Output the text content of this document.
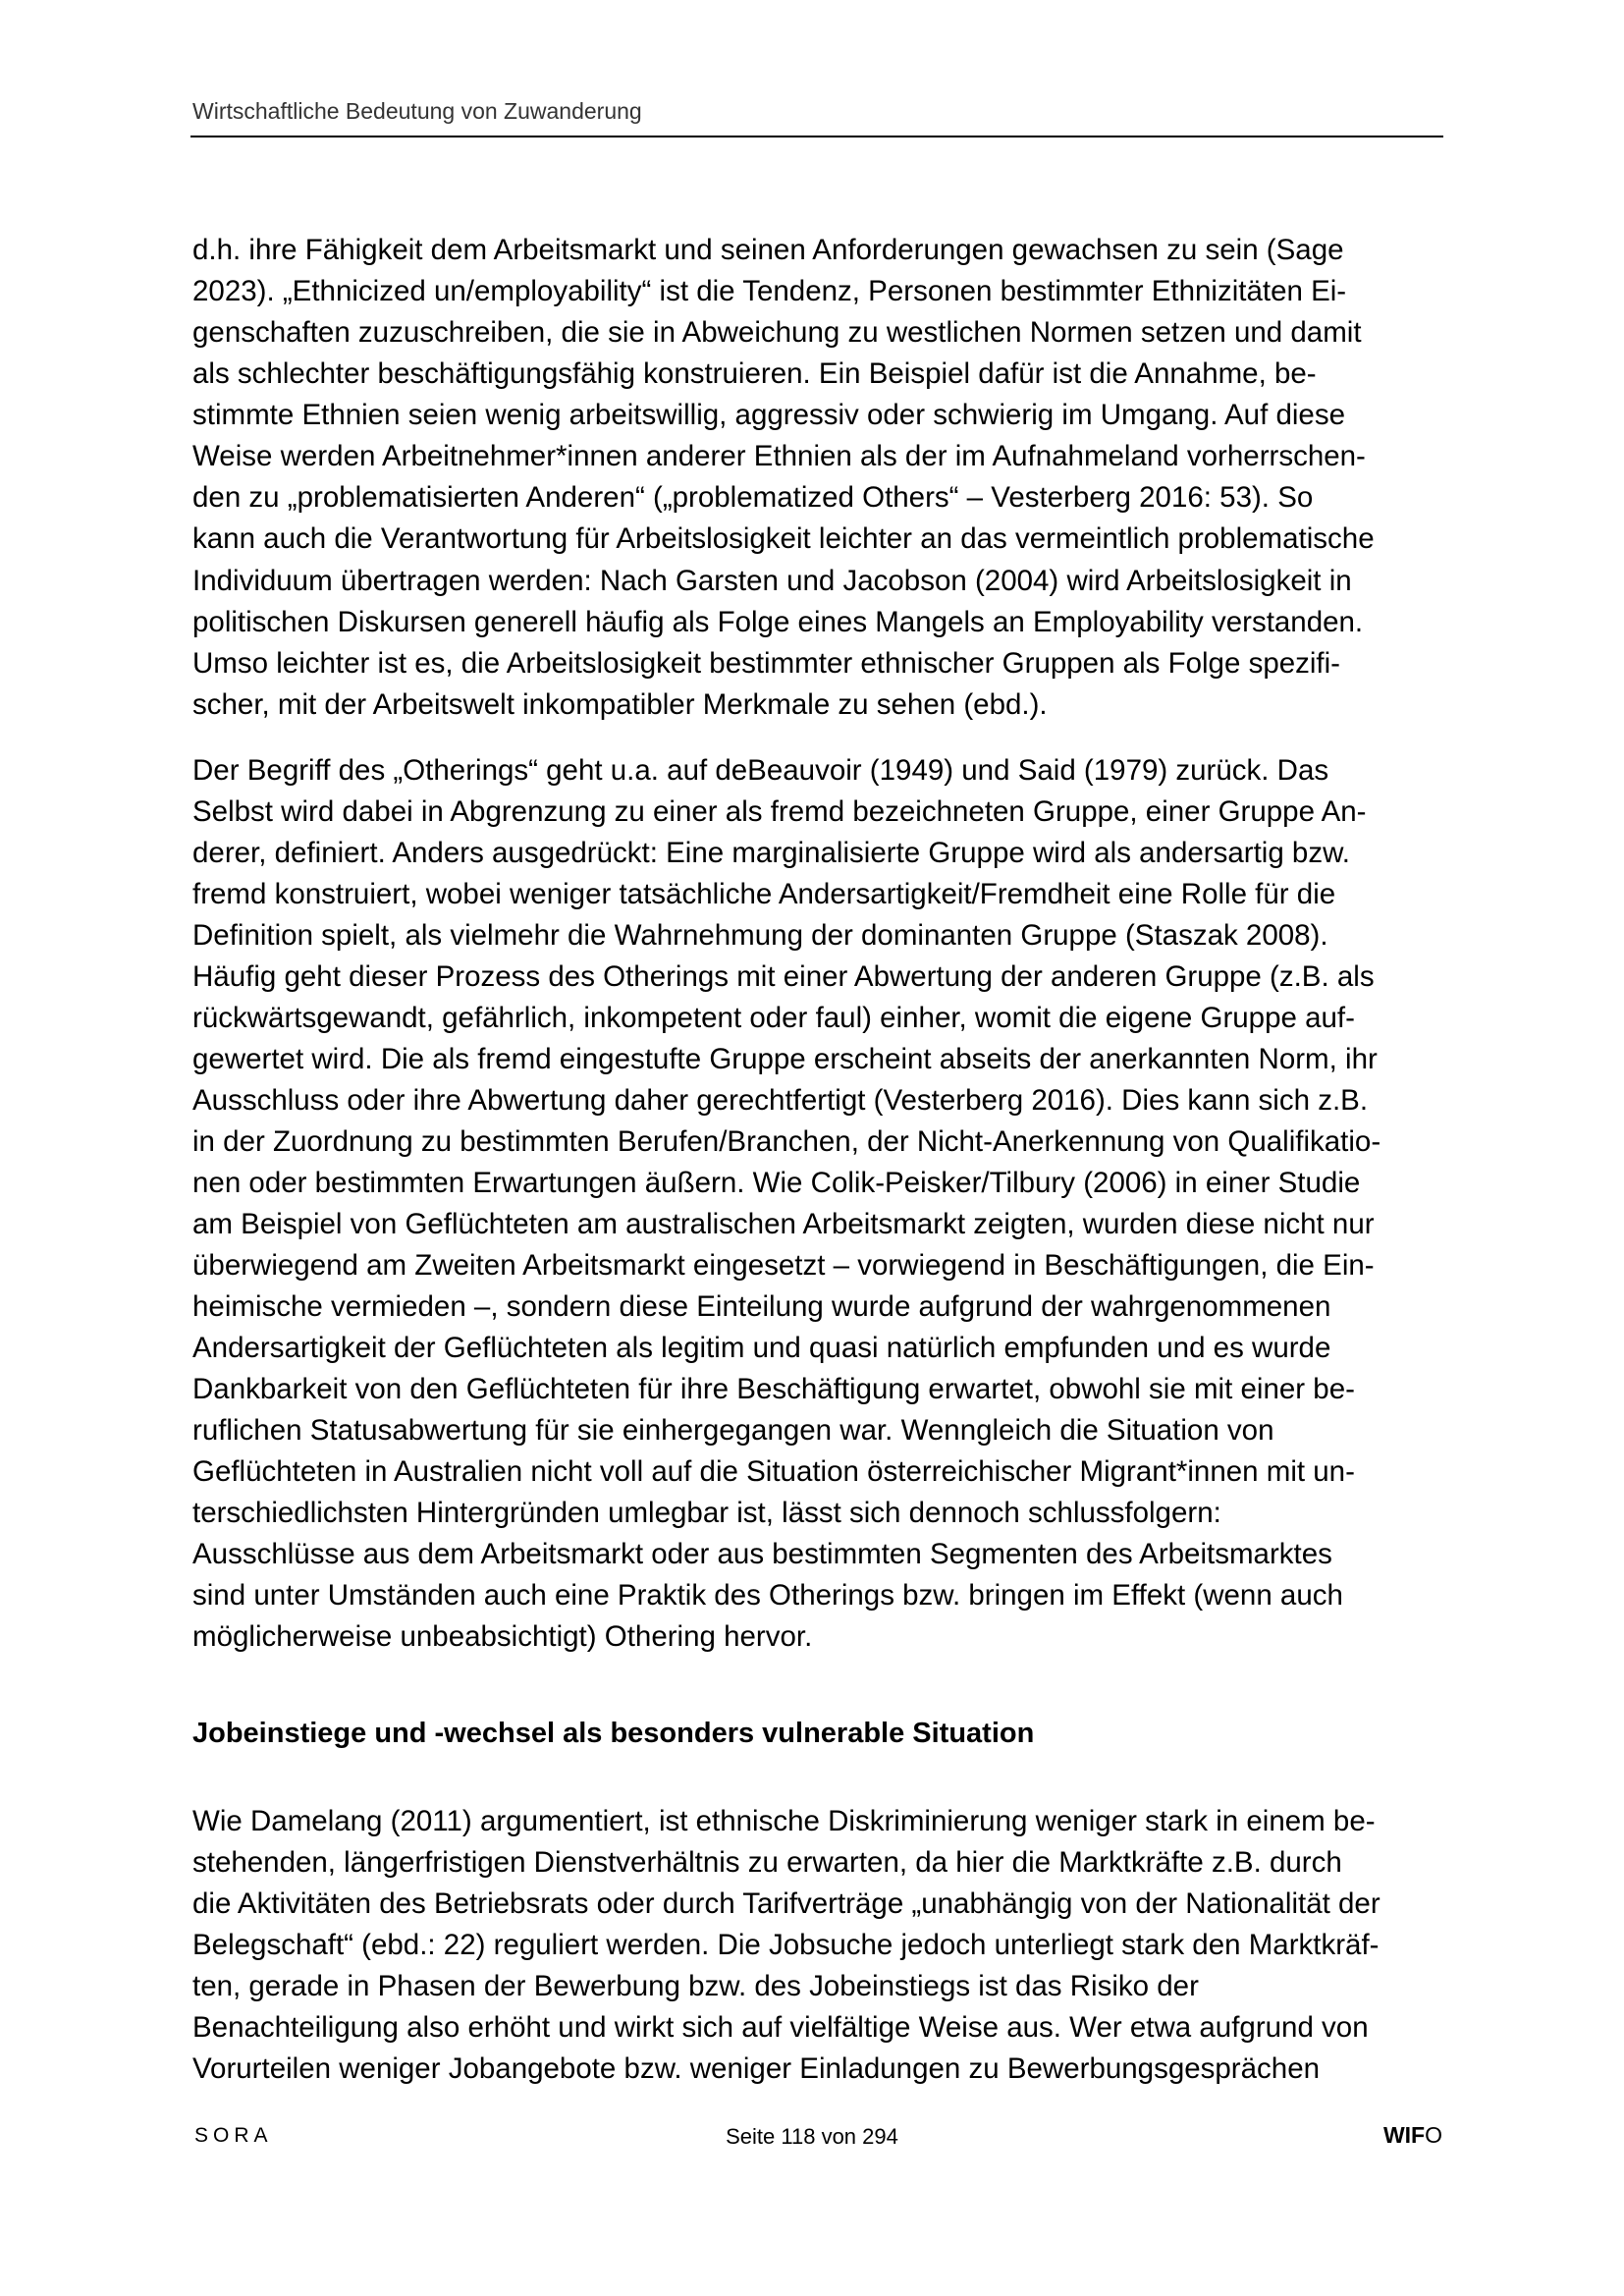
Wirtschaftliche Bedeutung von Zuwanderung
d.h. ihre Fähigkeit dem Arbeitsmarkt und seinen Anforderungen gewachsen zu sein (Sage
2023). „Ethnicized un/employability“ ist die Tendenz, Personen bestimmter Ethnizitäten Ei-
genschaften zuzuschreiben, die sie in Abweichung zu westlichen Normen setzen und damit
als schlechter beschäftigungsfähig konstruieren. Ein Beispiel dafür ist die Annahme, be-
stimmte Ethnien seien wenig arbeitswillig, aggressiv oder schwierig im Umgang. Auf diese
Weise werden Arbeitnehmer*innen anderer Ethnien als der im Aufnahmeland vorherrschen-
den zu „problematisierten Anderen“ („problematized Others“ – Vesterberg 2016: 53). So
kann auch die Verantwortung für Arbeitslosigkeit leichter an das vermeintlich problematische
Individuum übertragen werden: Nach Garsten und Jacobson (2004) wird Arbeitslosigkeit in
politischen Diskursen generell häufig als Folge eines Mangels an Employability verstanden.
Umso leichter ist es, die Arbeitslosigkeit bestimmter ethnischer Gruppen als Folge spezifi-
scher, mit der Arbeitswelt inkompatibler Merkmale zu sehen (ebd.).
Der Begriff des „Otherings“ geht u.a. auf deBeauvoir (1949) und Said (1979) zurück. Das
Selbst wird dabei in Abgrenzung zu einer als fremd bezeichneten Gruppe, einer Gruppe An-
derer, definiert. Anders ausgedrückt: Eine marginalisierte Gruppe wird als andersartig bzw.
fremd konstruiert, wobei weniger tatsächliche Andersartigkeit/Fremdheit eine Rolle für die
Definition spielt, als vielmehr die Wahrnehmung der dominanten Gruppe (Staszak 2008).
Häufig geht dieser Prozess des Otherings mit einer Abwertung der anderen Gruppe (z.B. als
rückwärtsgewandt, gefährlich, inkompetent oder faul) einher, womit die eigene Gruppe auf-
gewertet wird. Die als fremd eingestufte Gruppe erscheint abseits der anerkannten Norm, ihr
Ausschluss oder ihre Abwertung daher gerechtfertigt (Vesterberg 2016). Dies kann sich z.B.
in der Zuordnung zu bestimmten Berufen/Branchen, der Nicht-Anerkennung von Qualifikatio-
nen oder bestimmten Erwartungen äußern. Wie Colik-Peisker/Tilbury (2006) in einer Studie
am Beispiel von Geflüchteten am australischen Arbeitsmarkt zeigten, wurden diese nicht nur
überwiegend am Zweiten Arbeitsmarkt eingesetzt – vorwiegend in Beschäftigungen, die Ein-
heimische vermieden –, sondern diese Einteilung wurde aufgrund der wahrgenommenen
Andersartigkeit der Geflüchteten als legitim und quasi natürlich empfunden und es wurde
Dankbarkeit von den Geflüchteten für ihre Beschäftigung erwartet, obwohl sie mit einer be-
ruflichen Statusabwertung für sie einhergegangen war. Wenngleich die Situation von
Geflüchteten in Australien nicht voll auf die Situation österreichischer Migrant*innen mit un-
terschiedlichsten Hintergründen umlegbar ist, lässt sich dennoch schlussfolgern:
Ausschlüsse aus dem Arbeitsmarkt oder aus bestimmten Segmenten des Arbeitsmarktes
sind unter Umständen auch eine Praktik des Otherings bzw. bringen im Effekt (wenn auch
möglicherweise unbeabsichtigt) Othering hervor.
Jobeinstiege und -wechsel als besonders vulnerable Situation
Wie Damelang (2011) argumentiert, ist ethnische Diskriminierung weniger stark in einem be-
stehenden, längerfristigen Dienstverhältnis zu erwarten, da hier die Marktkräfte z.B. durch
die Aktivitäten des Betriebsrats oder durch Tarifverträge „unabhängig von der Nationalität der
Belegschaft“ (ebd.: 22) reguliert werden. Die Jobsuche jedoch unterliegt stark den Marktkräf-
ten, gerade in Phasen der Bewerbung bzw. des Jobeinstiegs ist das Risiko der
Benachteiligung also erhöht und wirkt sich auf vielfältige Weise aus. Wer etwa aufgrund von
Vorurteilen weniger Jobangebote bzw. weniger Einladungen zu Bewerbungsgesprächen
SORA	Seite 118 von 294	WIFO
